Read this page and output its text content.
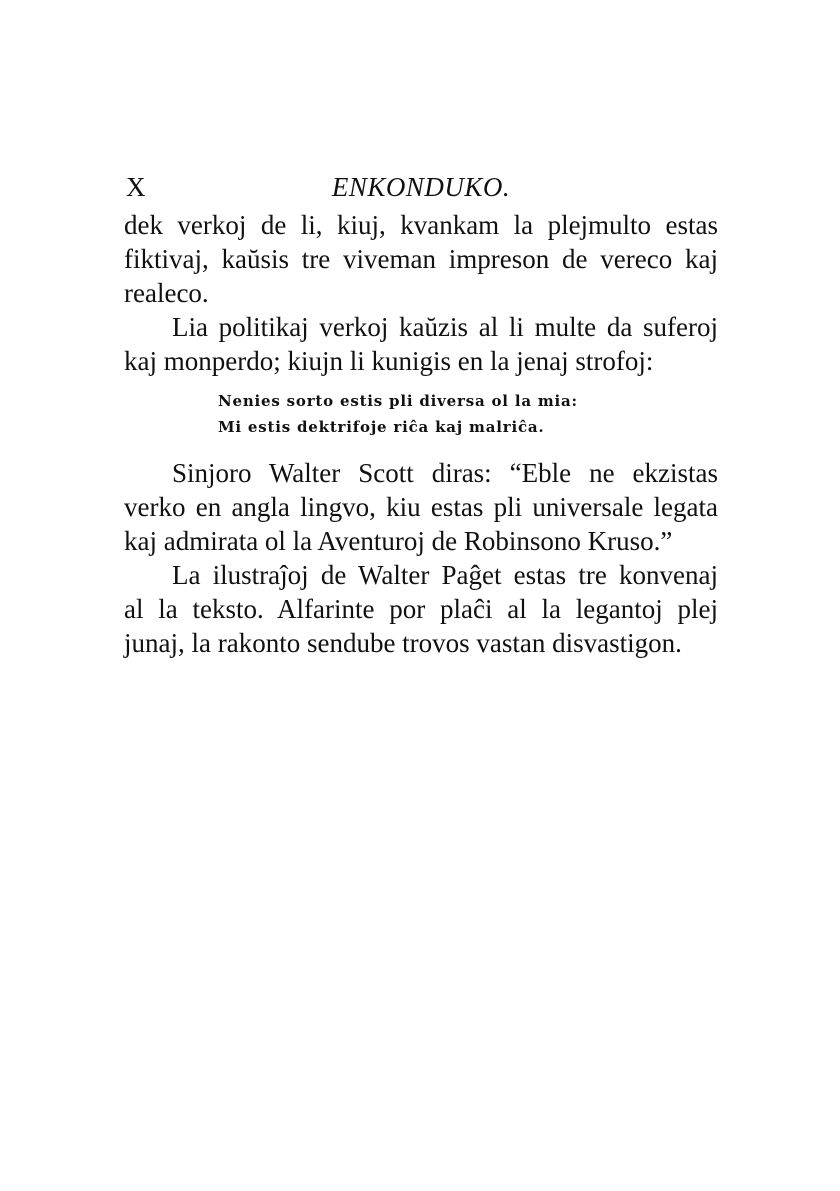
X	ENKONDUKO.
dek verkoj de li, kiuj, kvankam la plejmulto estas
fiktivaj, kaŭsis tre viveman impreson de vereco kaj
realeco.
Lia politikaj verkoj kaŭzis al li multe da suferoj
kaj monperdo; kiujn li kunigis en la jenaj strofoj:
Nenies sorto estis pli diversa ol la mia:
Mi estis dektrifoje riĉa kaj malriĉa.
Sinjoro Walter Scott diras: “Eble ne ekzistas
verko en angla lingvo, kiu estas pli universale legata
kaj admirata ol la Aventuroj de Robinsono Kruso.”
La ilustraĵoj de Walter Paĝet estas tre konvenaj
al la teksto. Alfarinte por plaĉi al la legantoj plej
junaj, la rakonto sendube trovos vastan disvastigon.
